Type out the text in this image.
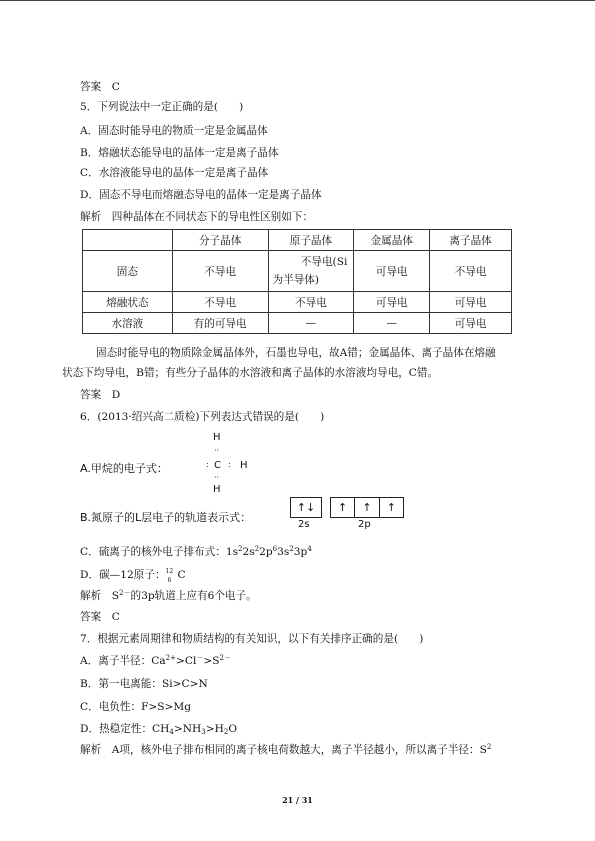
答案　C
5．下列说法中一定正确的是(　　)
A．固态时能导电的物质一定是金属晶体
B．熔融状态能导电的晶体一定是离子晶体
C．水溶液能导电的晶体一定是离子晶体
D．固态不导电而熔融态导电的晶体一定是离子晶体
解析　四种晶体在不同状态下的导电性区别如下：
	分子晶体	原子晶体	金属晶体	离子晶体
固态	不导电	不导电(Si
为半导体)	可导电	不导电
熔融状态	不导电	不导电	可导电	可导电
水溶液	有的可导电	—	—	可导电
固态时能导电的物质除金属晶体外，石墨也导电，故A错；金属晶体、离子晶体在熔融
状态下均导电，B错；有些分子晶体的水溶液和离子晶体的水溶液均导电，C错。
答案　D
6．(2013·绍兴高二质检)下列表达式错误的是(　　)
A.甲烷的电子式：
H
··
C
: : H
··
H
B.氮原子的L层电子的轨道表示式：
↑↓	↑	↑	↑
2s	2p
C．硫离子的核外电子排布式：$1s^22s^22p^63s^23p^4$
D．碳—12原子： 12
6 C
解析　$S^{2-}$的3p轨道上应有6个电子。
答案　C
7．根据元素周期律和物质结构的有关知识，以下有关排序正确的是(　　)
A．离子半径：$Ca^{2+}>Cl^->S^{2-}$
B．第一电离能：Si>C>N
C．电负性：F>S>Mg
D．热稳定性：$CH_4>NH_3>H_2O$
解析　A项，核外电子排布相同的离子核电荷数越大，离子半径越小，所以离子半径：$S^2$
21 / 31
